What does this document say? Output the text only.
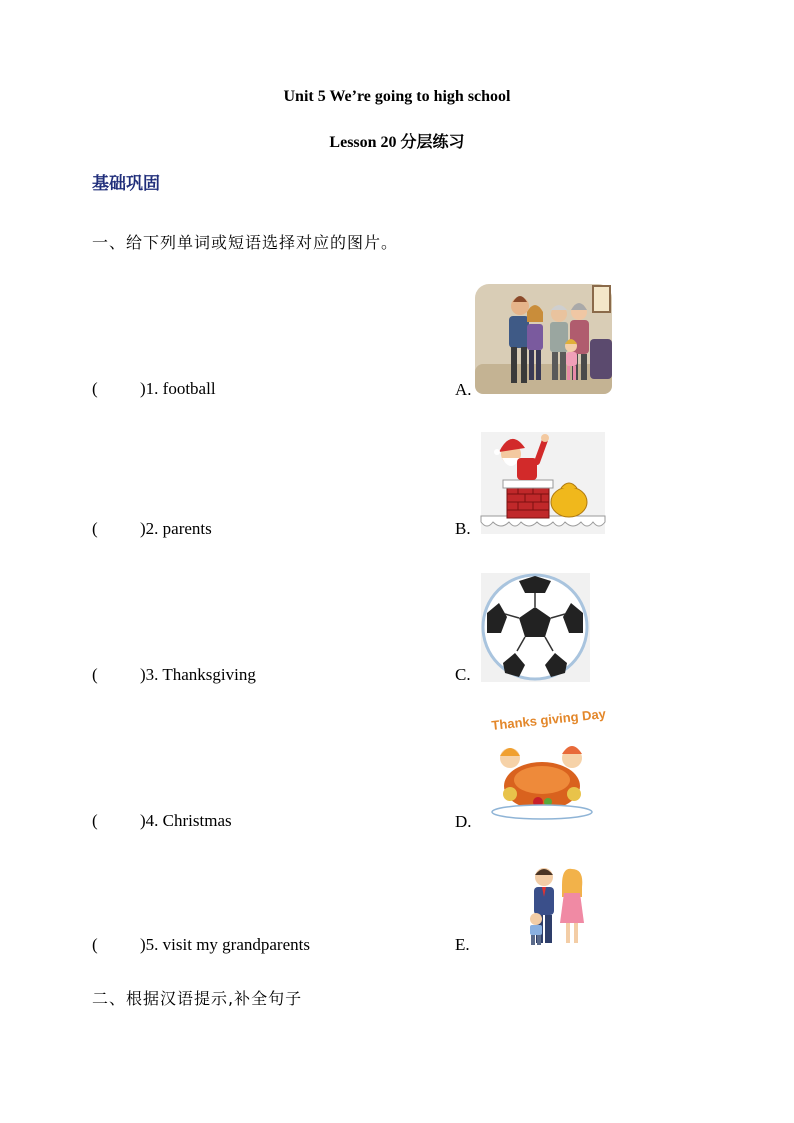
Unit 5 We’re going to high school
Lesson 20 分层练习
基础巩固
一、给下列单词或短语选择对应的图片。
( )1. football
( )2. parents
( )3. Thanksgiving
( )4. Christmas
( )5. visit my grandparents
A.
B.
C.
D.
E.
Thanks giving Day
二、根据汉语提示,补全句子
